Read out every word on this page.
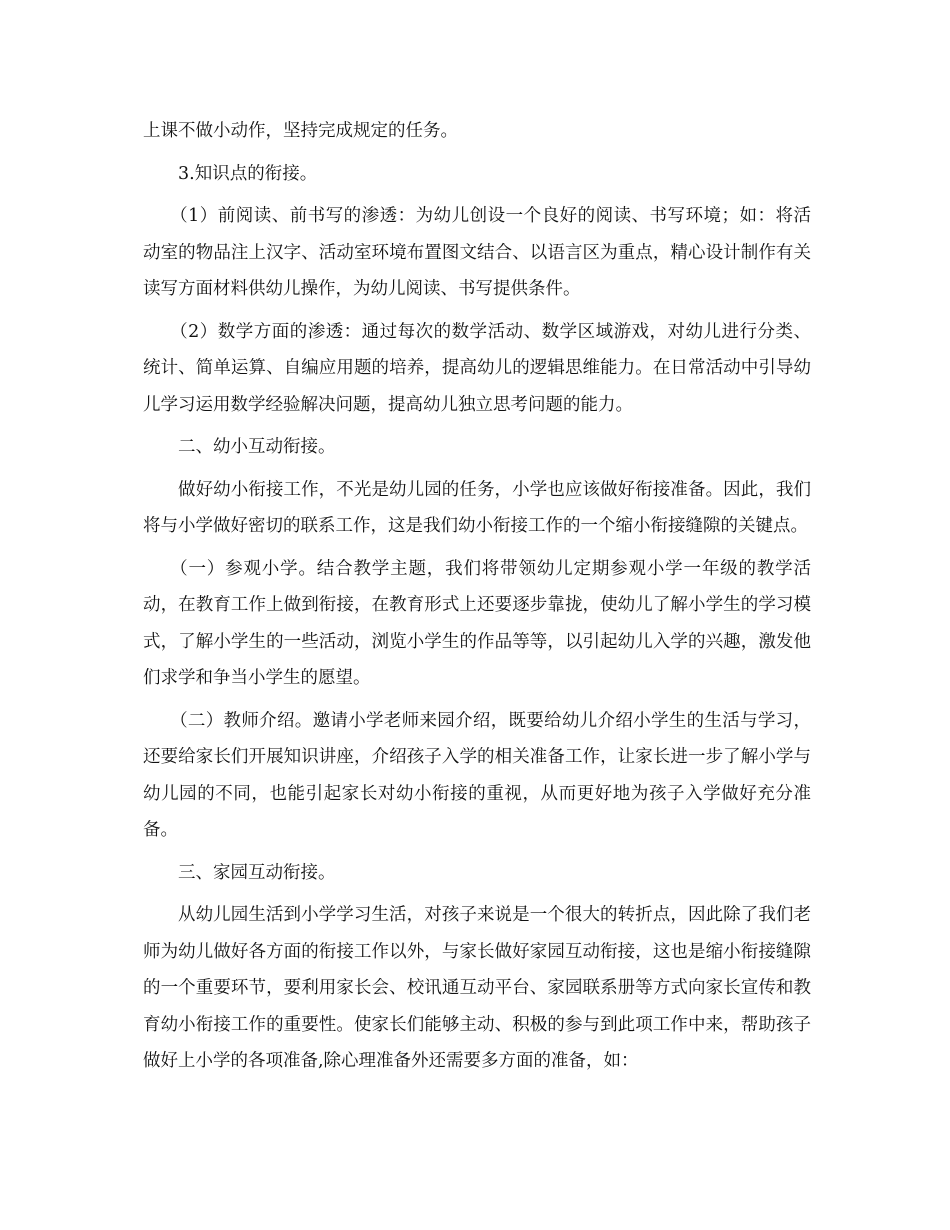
上课不做小动作，坚持完成规定的任务。

3.知识点的衔接。

（1）前阅读、前书写的渗透：为幼儿创设一个良好的阅读、书写环境；如：将活动室的物品注上汉字、活动室环境布置图文结合、以语言区为重点，精心设计制作有关读写方面材料供幼儿操作，为幼儿阅读、书写提供条件。

（2）数学方面的渗透：通过每次的数学活动、数学区域游戏，对幼儿进行分类、统计、简单运算、自编应用题的培养，提高幼儿的逻辑思维能力。在日常活动中引导幼儿学习运用数学经验解决问题，提高幼儿独立思考问题的能力。

二、幼小互动衔接。

做好幼小衔接工作，不光是幼儿园的任务，小学也应该做好衔接准备。因此，我们将与小学做好密切的联系工作，这是我们幼小衔接工作的一个缩小衔接缝隙的关键点。

（一）参观小学。结合教学主题，我们将带领幼儿定期参观小学一年级的教学活动，在教育工作上做到衔接，在教育形式上还要逐步靠拢，使幼儿了解小学生的学习模式，了解小学生的一些活动，浏览小学生的作品等等，以引起幼儿入学的兴趣，激发他们求学和争当小学生的愿望。

（二）教师介绍。邀请小学老师来园介绍，既要给幼儿介绍小学生的生活与学习，还要给家长们开展知识讲座，介绍孩子入学的相关准备工作，让家长进一步了解小学与幼儿园的不同，也能引起家长对幼小衔接的重视，从而更好地为孩子入学做好充分准备。

三、家园互动衔接。

从幼儿园生活到小学学习生活，对孩子来说是一个很大的转折点，因此除了我们老师为幼儿做好各方面的衔接工作以外，与家长做好家园互动衔接，这也是缩小衔接缝隙的一个重要环节，要利用家长会、校讯通互动平台、家园联系册等方式向家长宣传和教育幼小衔接工作的重要性。使家长们能够主动、积极的参与到此项工作中来，帮助孩子做好上小学的各项准备,除心理准备外还需要多方面的准备，如：
